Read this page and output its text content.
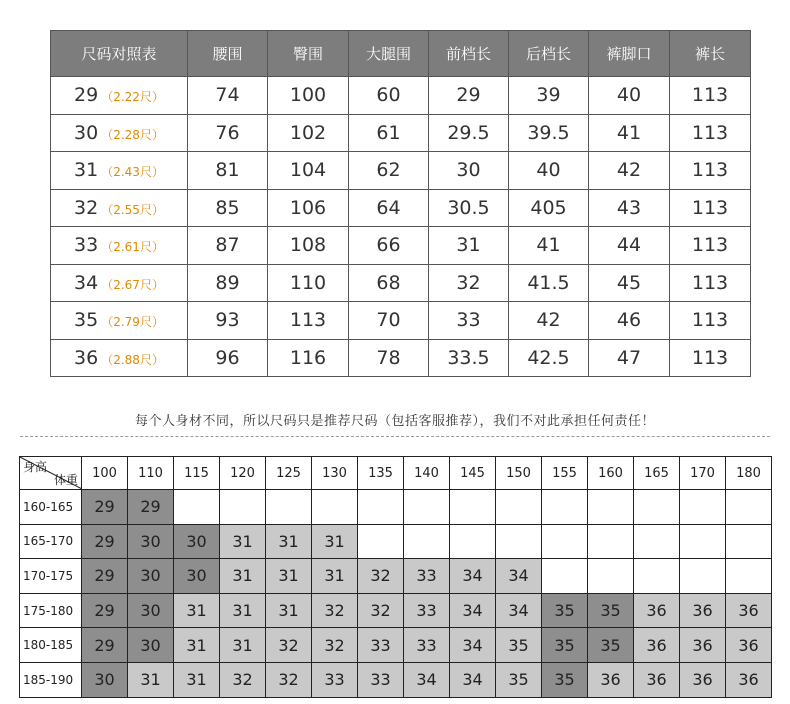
尺码对照表	腰围	臀围	大腿围	前档长	后档长	裤脚口	裤长
29 （2.22尺）	74	100	60	29	39	40	113
30 （2.28尺）	76	102	61	29.5	39.5	41	113
31 （2.43尺）	81	104	62	30	40	42	113
32 （2.55尺）	85	106	64	30.5	405	43	113
33 （2.61尺）	87	108	66	31	41	44	113
34 （2.67尺）	89	110	68	32	41.5	45	113
35 （2.79尺）	93	113	70	33	42	46	113
36 （2.88尺）	96	116	78	33.5	42.5	47	113
每个人身材不同，所以尺码只是推荐尺码（包括客服推荐），我们不对此承担任何责任！
身高
体重	100	110	115	120	125	130	135	140	145	150	155	160	165	170	180
160-165	29	29													
165-170	29	30	30	31	31	31									
170-175	29	30	30	31	31	31	32	33	34	34					
175-180	29	30	31	31	31	32	32	33	34	34	35	35	36	36	36
180-185	29	30	31	31	32	32	33	33	34	35	35	35	36	36	36
185-190	30	31	31	32	32	33	33	34	34	35	35	36	36	36	36
